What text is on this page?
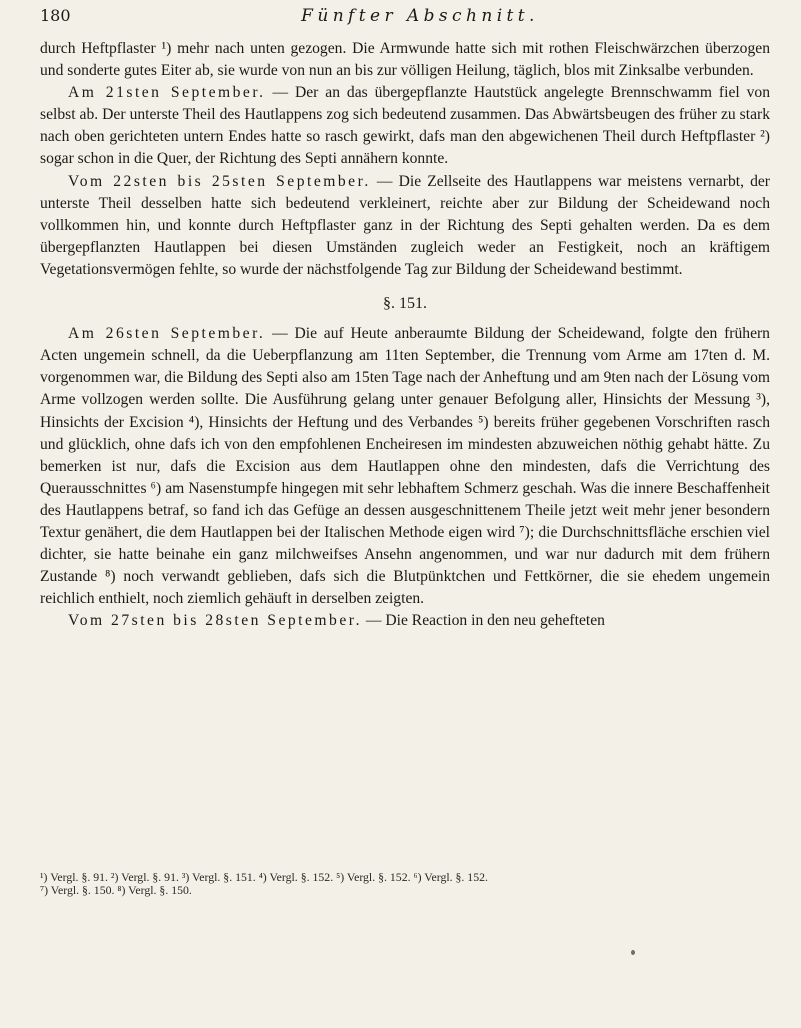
180	Fünfter Abschnitt.

durch Heftpflaster ¹) mehr nach unten gezogen. Die Armwunde hatte sich mit rothen Fleischwärzchen überzogen und sonderte gutes Eiter ab, sie wurde von nun an bis zur völligen Heilung, täglich, blos mit Zinksalbe verbunden.

Am 21sten September. — Der an das übergepflanzte Hautstück angelegte Brennschwamm fiel von selbst ab. Der unterste Theil des Hautlappens zog sich bedeutend zusammen. Das Abwärtsbeugen des früher zu stark nach oben gerichteten untern Endes hatte so rasch gewirkt, dafs man den abgewichenen Theil durch Heftpflaster ²) sogar schon in die Quer, der Richtung des Septi annähern konnte.

Vom 22sten bis 25sten September. — Die Zellseite des Hautlappens war meistens vernarbt, der unterste Theil desselben hatte sich bedeutend verkleinert, reichte aber zur Bildung der Scheidewand noch vollkommen hin, und konnte durch Heftpflaster ganz in der Richtung des Septi gehalten werden. Da es dem übergepflanzten Hautlappen bei diesen Umständen zugleich weder an Festigkeit, noch an kräftigem Vegetationsvermögen fehlte, so wurde der nächstfolgende Tag zur Bildung der Scheidewand bestimmt.

§. 151.

Am 26sten September. — Die auf Heute anberaumte Bildung der Scheidewand, folgte den frühern Acten ungemein schnell, da die Ueberpflanzung am 11ten September, die Trennung vom Arme am 17ten d. M. vorgenommen war, die Bildung des Septi also am 15ten Tage nach der Anheftung und am 9ten nach der Lösung vom Arme vollzogen werden sollte. Die Ausführung gelang unter genauer Befolgung aller, Hinsichts der Messung ³), Hinsichts der Excision ⁴), Hinsichts der Heftung und des Verbandes ⁵) bereits früher gegebenen Vorschriften rasch und glücklich, ohne dafs ich von den empfohlenen Encheiresen im mindesten abzuweichen nöthig gehabt hätte. Zu bemerken ist nur, dafs die Excision aus dem Hautlappen ohne den mindesten, dafs die Verrichtung des Querausschnittes ⁶) am Nasenstumpfe hingegen mit sehr lebhaftem Schmerz geschah. Was die innere Beschaffenheit des Hautlappens betraf, so fand ich das Gefüge an dessen ausgeschnittenem Theile jetzt weit mehr jener besondern Textur genähert, die dem Hautlappen bei der Italischen Methode eigen wird ⁷); die Durchschnittsfläche erschien viel dichter, sie hatte beinahe ein ganz milchweifses Ansehn angenommen, und war nur dadurch mit dem frühern Zustande ⁸) noch verwandt geblieben, dafs sich die Blutpünktchen und Fettkörner, die sie ehedem ungemein reichlich enthielt, noch ziemlich gehäuft in derselben zeigten.

Vom 27sten bis 28sten September. — Die Reaction in den neu gehefteten

¹) Vergl. §. 91. ²) Vergl. §. 91. ³) Vergl. §. 151. ⁴) Vergl. §. 152. ⁵) Vergl. §. 152. ⁶) Vergl. §. 152.
⁷) Vergl. §. 150. ⁸) Vergl. §. 150.
